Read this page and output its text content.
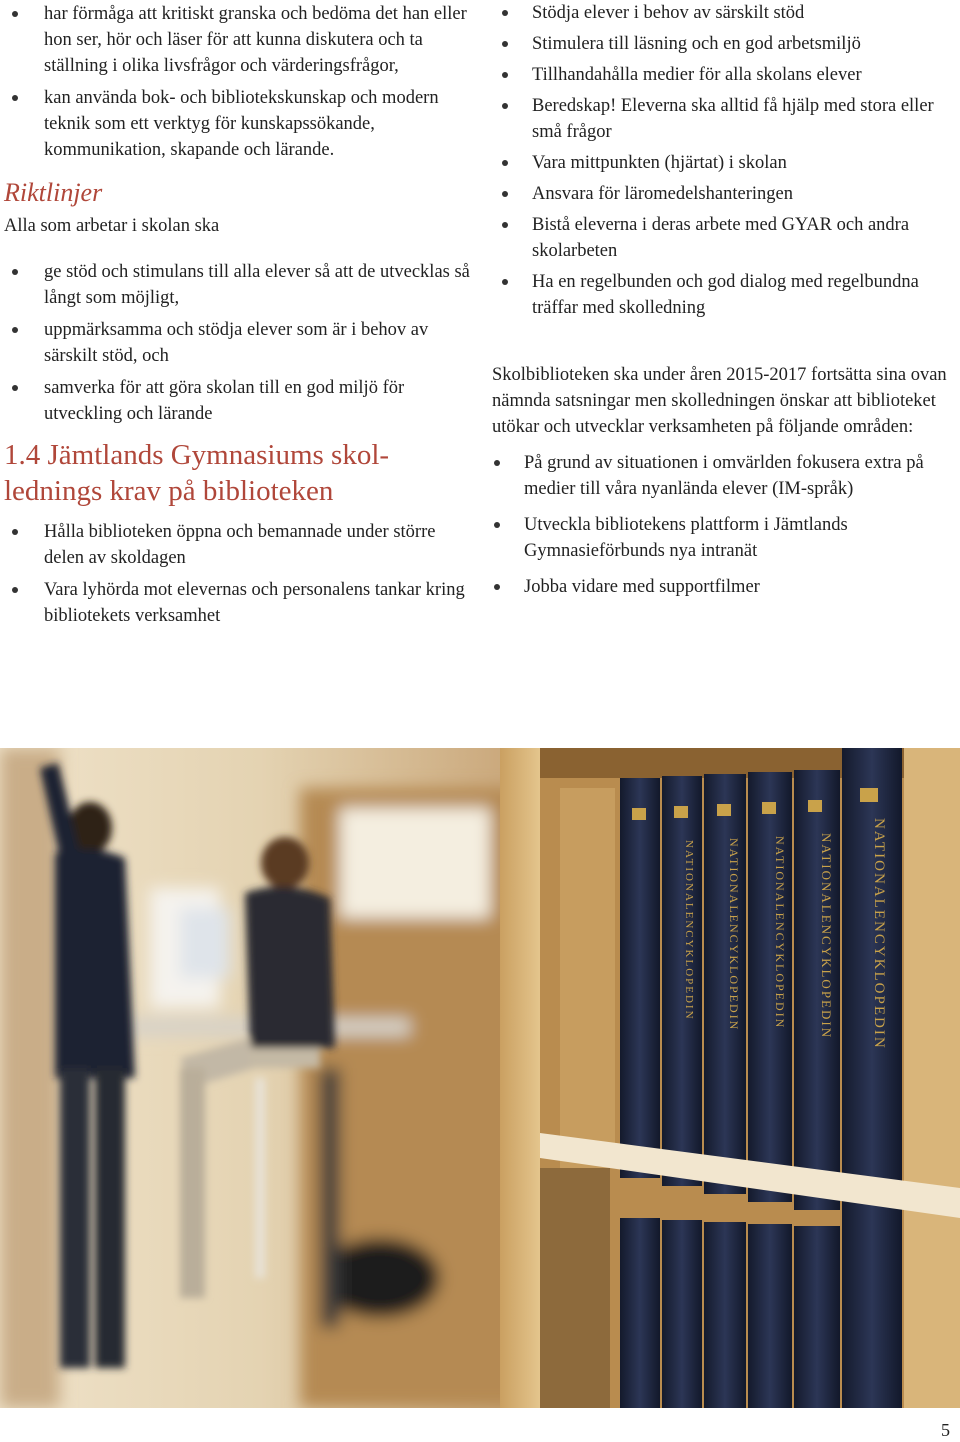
har förmåga att kritiskt granska och bedöma det han eller hon ser, hör och läser för att kunna diskutera och ta ställning i olika livsfrågor och värderingsfrågor,
kan använda bok- och bibliotekskunskap och modern teknik som ett verktyg för kunskapssökande, kommunikation, skapande och lärande.
Riktlinjer
Alla som arbetar i skolan ska
ge stöd och stimulans till alla elever så att de utvecklas så långt som möjligt,
uppmärksamma och stödja elever som är i behov av särskilt stöd, och
samverka för att göra skolan till en god miljö för utveckling och lärande
1.4 Jämtlands Gymnasiums skol-
lednings krav på biblioteken
Hålla biblioteken öppna och bemannade under större delen av skoldagen
Vara lyhörda mot elevernas och personalens tankar kring bibliotekets verksamhet
Stödja elever i behov av särskilt stöd
Stimulera till läsning och en god arbetsmiljö
Tillhandahålla medier för alla skolans elever
Beredskap! Eleverna ska alltid få hjälp med stora eller små frågor
Vara mittpunkten (hjärtat) i skolan
Ansvara för läromedelshanteringen
Bistå eleverna i deras arbete med GYAR och andra skolarbeten
Ha en regelbunden och god dialog med regelbundna träffar med skolledning

Skolbiblioteken ska under åren 2015-2017 fortsätta sina ovan nämnda satsningar men skolledningen önskar att biblioteket utökar och utvecklar verksamheten på följande områden:

På grund av situationen i omvärlden fokusera extra på medier till våra nyanlända elever (IM-språk)
Utveckla bibliotekens plattform i Jämtlands Gymnasieförbunds nya intranät
Jobba vidare med supportfilmer
NATIONALENCYKLOPEDIN
NATIONALENCYKLOPEDIN
NATIONALENCYKLOPEDIN
NATIONALENCYKLOPEDIN
NATIONALENCYKLOPEDIN
5
